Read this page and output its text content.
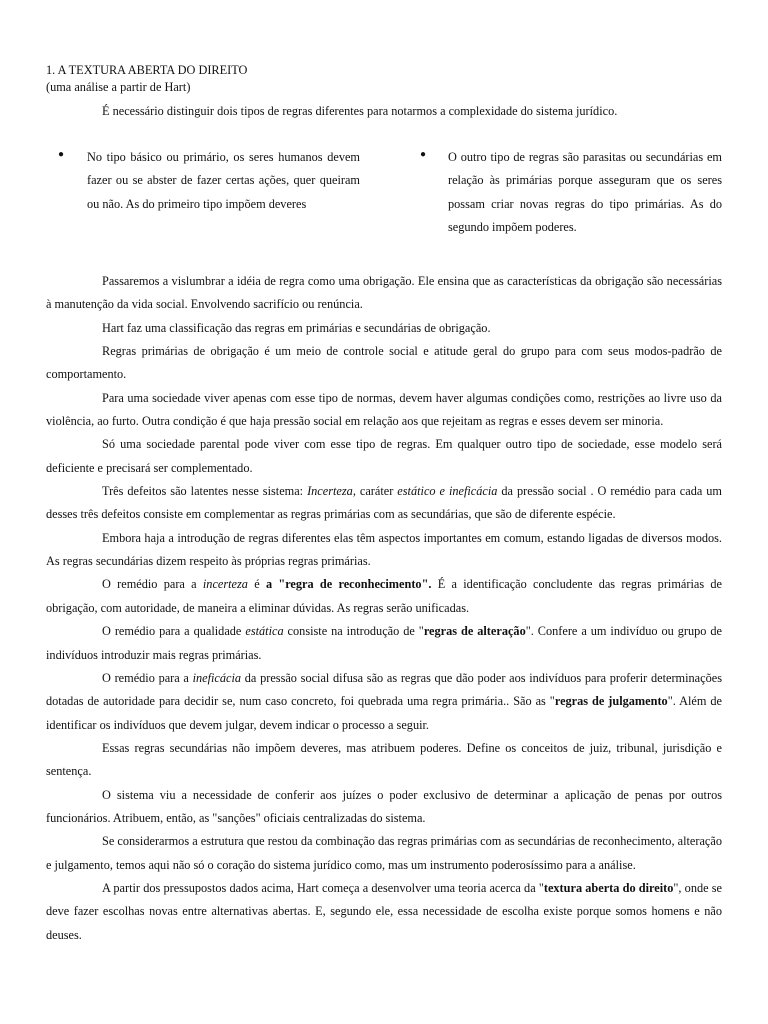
1. A TEXTURA ABERTA DO DIREITO
(uma análise a partir de Hart)
É necessário distinguir dois tipos de regras diferentes para notarmos a complexidade do sistema jurídico.
● No tipo básico ou primário, os seres humanos devem fazer ou se abster de fazer certas ações, quer queiram ou não. As do primeiro tipo impõem deveres
● O outro tipo de regras são parasitas ou secundárias em relação às primárias porque asseguram que os seres possam criar novas regras do tipo primárias. As do segundo impõem poderes.

Passaremos a vislumbrar a idéia de regra como uma obrigação. Ele ensina que as características da obrigação são necessárias à manutenção da vida social. Envolvendo sacrifício ou renúncia.

Hart faz uma classificação das regras em primárias e secundárias de obrigação.

Regras primárias de obrigação é um meio de controle social e atitude geral do grupo para com seus modos-padrão de comportamento.

Para uma sociedade viver apenas com esse tipo de normas, devem haver algumas condições como, restrições ao livre uso da violência, ao furto. Outra condição é que haja pressão social em relação aos que rejeitam as regras e esses devem ser minoria.

Só uma sociedade parental pode viver com esse tipo de regras. Em qualquer outro tipo de sociedade, esse modelo será deficiente e precisará ser complementado.

Três defeitos são latentes nesse sistema: Incerteza, caráter estático e ineficácia da pressão social . O remédio para cada um desses três defeitos consiste em complementar as regras primárias com as secundárias, que são de diferente espécie.

Embora haja a introdução de regras diferentes elas têm aspectos importantes em comum, estando ligadas de diversos modos. As regras secundárias dizem respeito às próprias regras primárias.

O remédio para a incerteza é a "regra de reconhecimento". É a identificação concludente das regras primárias de obrigação, com autoridade, de maneira a eliminar dúvidas. As regras serão unificadas.

O remédio para a qualidade estática consiste na introdução de "regras de alteração". Confere a um indivíduo ou grupo de indivíduos introduzir mais regras primárias.

O remédio para a ineficácia da pressão social difusa são as regras que dão poder aos indivíduos para proferir determinações dotadas de autoridade para decidir se, num caso concreto, foi quebrada uma regra primária.. São as "regras de julgamento". Além de identificar os indivíduos que devem julgar, devem indicar o processo a seguir.

Essas regras secundárias não impõem deveres, mas atribuem poderes. Define os conceitos de juiz, tribunal, jurisdição e sentença.

O sistema viu a necessidade de conferir aos juízes o poder exclusivo de determinar a aplicação de penas por outros funcionários. Atribuem, então, as "sanções" oficiais centralizadas do sistema.

Se considerarmos a estrutura que restou da combinação das regras primárias com as secundárias de reconhecimento, alteração e julgamento, temos aqui não só o coração do sistema jurídico como, mas um instrumento poderosíssimo para a análise.

A partir dos pressupostos dados acima, Hart começa a desenvolver uma teoria acerca da "textura aberta do direito", onde se deve fazer escolhas novas entre alternativas abertas. E, segundo ele, essa necessidade de escolha existe porque somos homens e não deuses.
